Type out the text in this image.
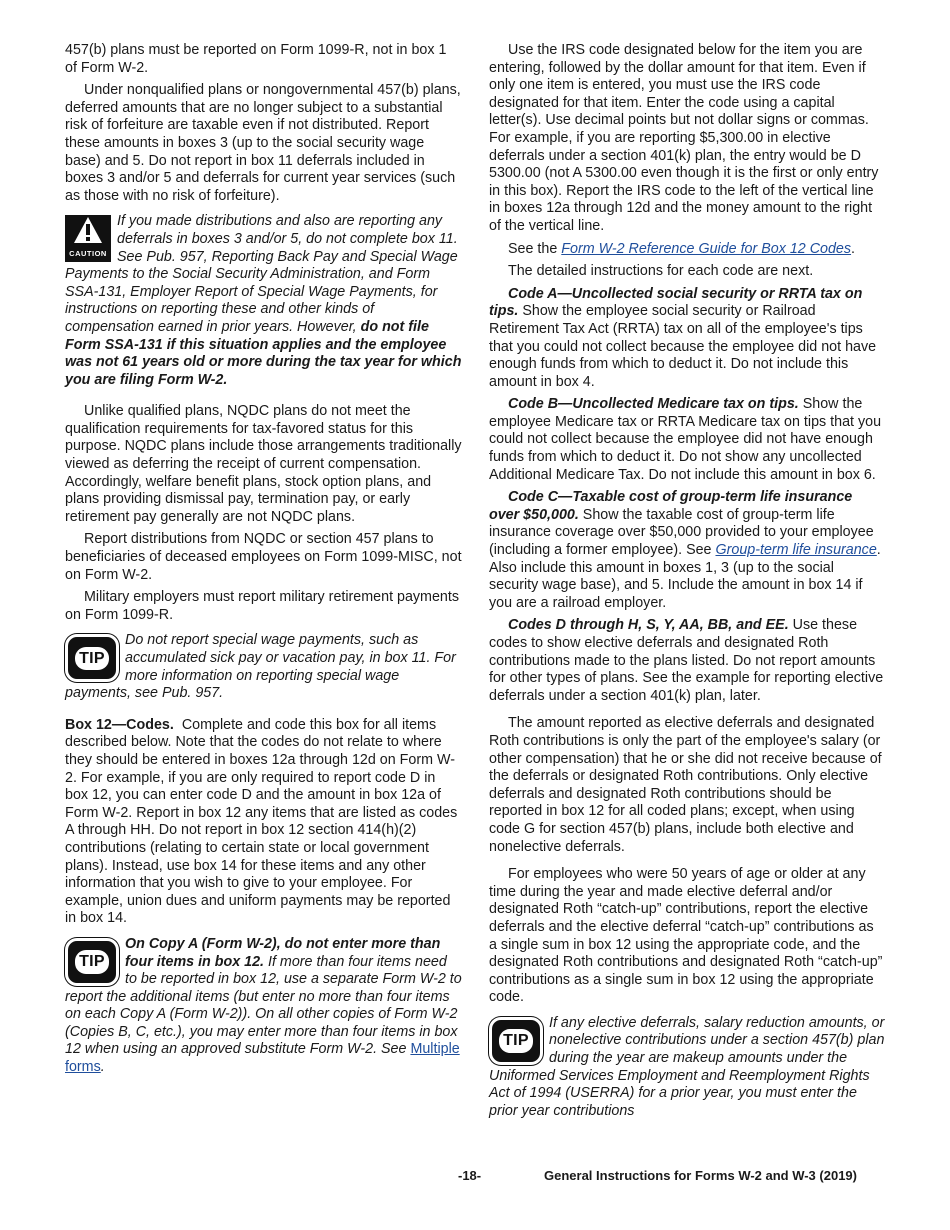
457(b) plans must be reported on Form 1099-R, not in box 1 of Form W-2.

Under nonqualified plans or nongovernmental 457(b) plans, deferred amounts that are no longer subject to a substantial risk of forfeiture are taxable even if not distributed. Report these amounts in boxes 3 (up to the social security wage base) and 5. Do not report in box 11 deferrals included in boxes 3 and/or 5 and deferrals for current year services (such as those with no risk of forfeiture).

CAUTION
If you made distributions and also are reporting any deferrals in boxes 3 and/or 5, do not complete box 11. See Pub. 957, Reporting Back Pay and Special Wage Payments to the Social Security Administration, and Form SSA-131, Employer Report of Special Wage Payments, for instructions on reporting these and other kinds of compensation earned in prior years. However, do not file Form SSA-131 if this situation applies and the employee was not 61 years old or more during the tax year for which you are filing Form W-2.

Unlike qualified plans, NQDC plans do not meet the qualification requirements for tax-favored status for this purpose. NQDC plans include those arrangements traditionally viewed as deferring the receipt of current compensation. Accordingly, welfare benefit plans, stock option plans, and plans providing dismissal pay, termination pay, or early retirement pay generally are not NQDC plans.

Report distributions from NQDC or section 457 plans to beneficiaries of deceased employees on Form 1099-MISC, not on Form W-2.

Military employers must report military retirement payments on Form 1099-R.

TIP
Do not report special wage payments, such as accumulated sick pay or vacation pay, in box 11. For more information on reporting special wage payments, see Pub. 957.

Box 12—Codes. Complete and code this box for all items described below. Note that the codes do not relate to where they should be entered in boxes 12a through 12d on Form W-2. For example, if you are only required to report code D in box 12, you can enter code D and the amount in box 12a of Form W-2. Report in box 12 any items that are listed as codes A through HH. Do not report in box 12 section 414(h)(2) contributions (relating to certain state or local government plans). Instead, use box 14 for these items and any other information that you wish to give to your employee. For example, union dues and uniform payments may be reported in box 14.

TIP
On Copy A (Form W-2), do not enter more than four items in box 12. If more than four items need to be reported in box 12, use a separate Form W-2 to report the additional items (but enter no more than four items on each Copy A (Form W-2)). On all other copies of Form W-2 (Copies B, C, etc.), you may enter more than four items in box 12 when using an approved substitute Form W-2. See Multiple forms.

Use the IRS code designated below for the item you are entering, followed by the dollar amount for that item. Even if only one item is entered, you must use the IRS code designated for that item. Enter the code using a capital letter(s). Use decimal points but not dollar signs or commas. For example, if you are reporting $5,300.00 in elective deferrals under a section 401(k) plan, the entry would be D 5300.00 (not A 5300.00 even though it is the first or only entry in this box). Report the IRS code to the left of the vertical line in boxes 12a through 12d and the money amount to the right of the vertical line.

See the Form W-2 Reference Guide for Box 12 Codes.

The detailed instructions for each code are next.

Code A—Uncollected social security or RRTA tax on tips. Show the employee social security or Railroad Retirement Tax Act (RRTA) tax on all of the employee's tips that you could not collect because the employee did not have enough funds from which to deduct it. Do not include this amount in box 4.

Code B—Uncollected Medicare tax on tips. Show the employee Medicare tax or RRTA Medicare tax on tips that you could not collect because the employee did not have enough funds from which to deduct it. Do not show any uncollected Additional Medicare Tax. Do not include this amount in box 6.

Code C—Taxable cost of group-term life insurance over $50,000. Show the taxable cost of group-term life insurance coverage over $50,000 provided to your employee (including a former employee). See Group-term life insurance. Also include this amount in boxes 1, 3 (up to the social security wage base), and 5. Include the amount in box 14 if you are a railroad employer.

Codes D through H, S, Y, AA, BB, and EE. Use these codes to show elective deferrals and designated Roth contributions made to the plans listed. Do not report amounts for other types of plans. See the example for reporting elective deferrals under a section 401(k) plan, later.

The amount reported as elective deferrals and designated Roth contributions is only the part of the employee's salary (or other compensation) that he or she did not receive because of the deferrals or designated Roth contributions. Only elective deferrals and designated Roth contributions should be reported in box 12 for all coded plans; except, when using code G for section 457(b) plans, include both elective and nonelective deferrals.

For employees who were 50 years of age or older at any time during the year and made elective deferral and/or designated Roth “catch-up” contributions, report the elective deferrals and the elective deferral “catch-up” contributions as a single sum in box 12 using the appropriate code, and the designated Roth contributions and designated Roth “catch-up” contributions as a single sum in box 12 using the appropriate code.

TIP
If any elective deferrals, salary reduction amounts, or nonelective contributions under a section 457(b) plan during the year are makeup amounts under the Uniformed Services Employment and Reemployment Rights Act of 1994 (USERRA) for a prior year, you must enter the prior year contributions
-18-	General Instructions for Forms W-2 and W-3 (2019)
